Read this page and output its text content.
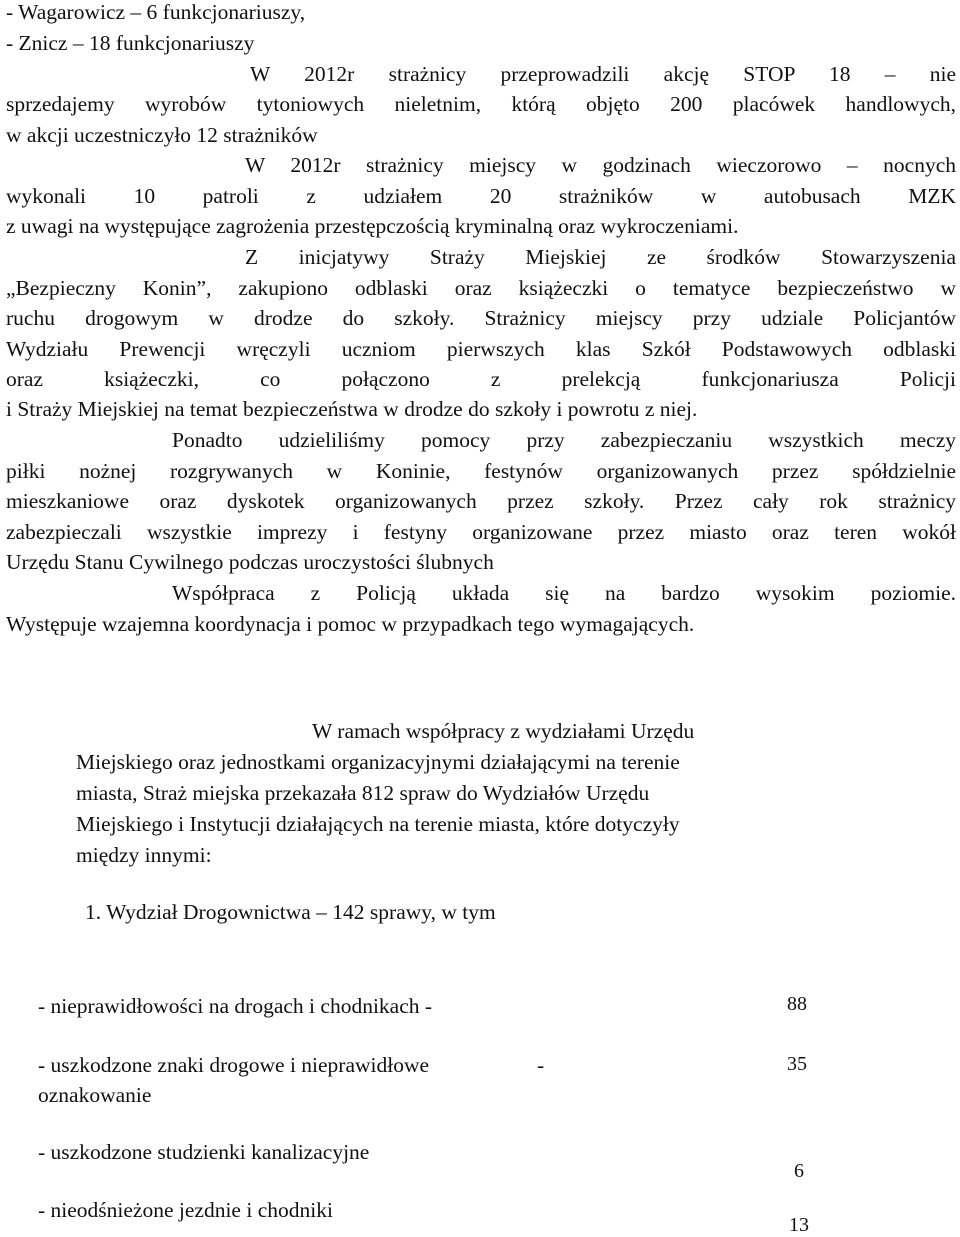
- Wagarowicz – 6 funkcjonariuszy,
- Znicz – 18 funkcjonariuszy
W 2012r strażnicy przeprowadzili akcję STOP 18 – nie
sprzedajemy wyrobów tytoniowych nieletnim, którą objęto 200 placówek handlowych,
w akcji uczestniczyło 12 strażników
W 2012r strażnicy miejscy w godzinach wieczorowo – nocnych
wykonali 10 patroli z udziałem 20 strażników w autobusach MZK
z uwagi na występujące zagrożenia przestępczością kryminalną oraz wykroczeniami.
Z inicjatywy Straży Miejskiej ze środków Stowarzyszenia
„Bezpieczny Konin”, zakupiono odblaski oraz książeczki o tematyce bezpieczeństwo w
ruchu drogowym w drodze do szkoły. Strażnicy miejscy przy udziale Policjantów
Wydziału Prewencji wręczyli uczniom pierwszych klas Szkół Podstawowych odblaski
oraz książeczki, co połączono z prelekcją funkcjonariusza Policji
i Straży Miejskiej na temat bezpieczeństwa w drodze do szkoły i powrotu z niej.
Ponadto udzieliliśmy pomocy przy zabezpieczaniu wszystkich meczy
piłki nożnej rozgrywanych w Koninie, festynów organizowanych przez spółdzielnie
mieszkaniowe oraz dyskotek organizowanych przez szkoły. Przez cały rok strażnicy
zabezpieczali wszystkie imprezy i festyny organizowane przez miasto oraz teren wokół
Urzędu Stanu Cywilnego podczas uroczystości ślubnych
Współpraca z Policją układa się na bardzo wysokim poziomie.
Występuje wzajemna koordynacja i pomoc w przypadkach tego wymagających.
W ramach współpracy z wydziałami Urzędu
Miejskiego oraz jednostkami organizacyjnymi działającymi na terenie
miasta, Straż miejska przekazała 812 spraw do Wydziałów Urzędu
Miejskiego i Instytucji działających na terenie miasta, które dotyczyły
między innymi:
1. Wydział Drogownictwa – 142 sprawy, w tym
- nieprawidłowości na drogach i chodnikach -	88
- uszkodzone znaki drogowe i nieprawidłowe	-
oznakowanie
35
- uszkodzone studzienki kanalizacyjne
6
- nieodśnieżone jezdnie i chodniki
13
